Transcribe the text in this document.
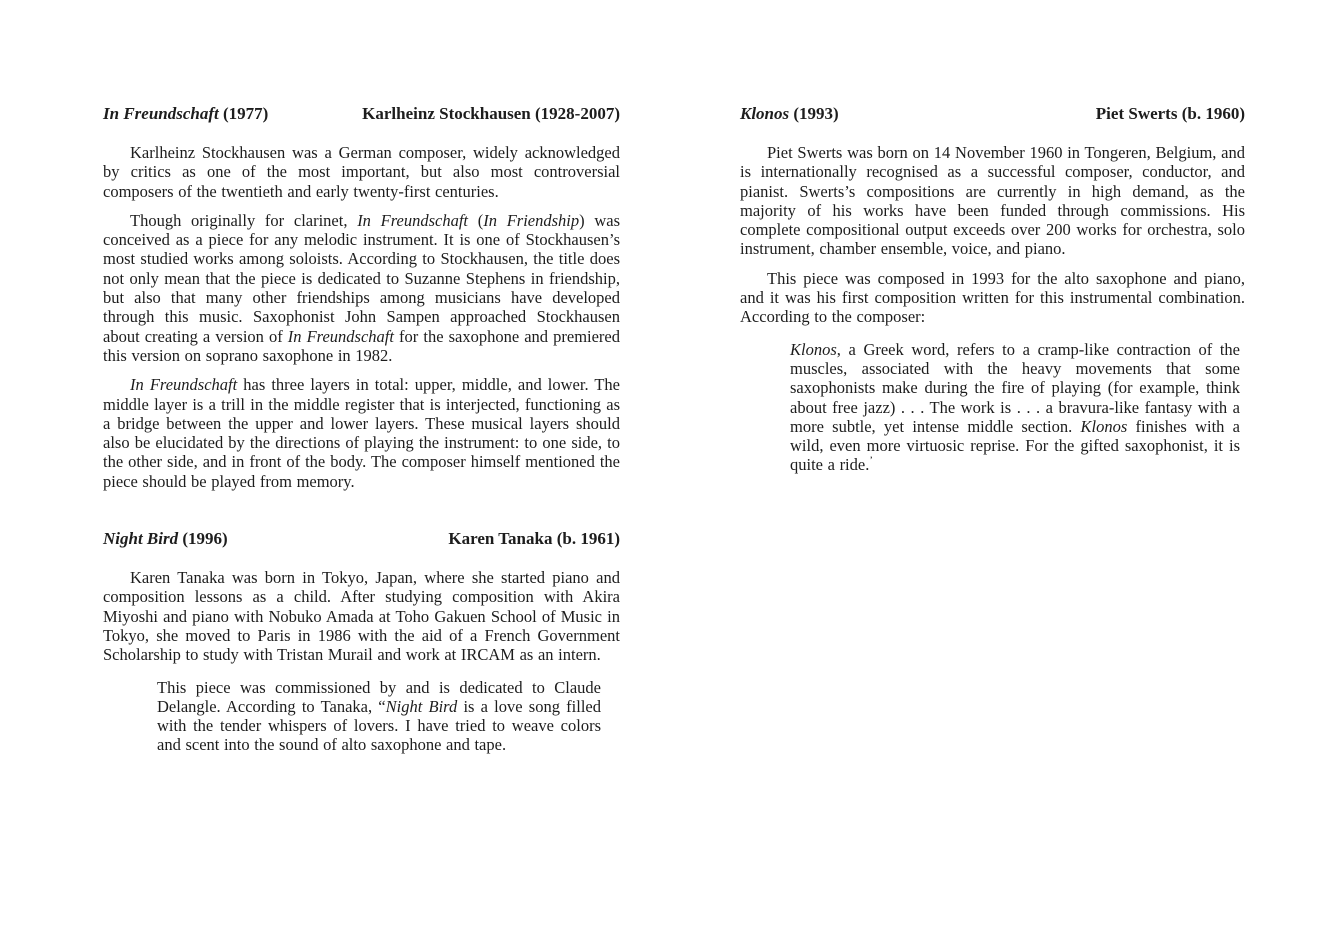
In Freundschaft (1977)	Karlheinz Stockhausen (1928-2007)

Karlheinz Stockhausen was a German composer, widely acknowledged by critics as one of the most important, but also most controversial composers of the twentieth and early twenty-first centuries.

Though originally for clarinet, In Freundschaft (In Friendship) was conceived as a piece for any melodic instrument. It is one of Stockhausen’s most studied works among soloists. According to Stockhausen, the title does not only mean that the piece is dedicated to Suzanne Stephens in friendship, but also that many other friendships among musicians have developed through this music. Saxophonist John Sampen approached Stockhausen about creating a version of In Freundschaft for the saxophone and premiered this version on soprano saxophone in 1982.

In Freundschaft has three layers in total: upper, middle, and lower. The middle layer is a trill in the middle register that is interjected, functioning as a bridge between the upper and lower layers. These musical layers should also be elucidated by the directions of playing the instrument: to one side, to the other side, and in front of the body. The composer himself mentioned the piece should be played from memory.

Night Bird (1996)	Karen Tanaka (b. 1961)

Karen Tanaka was born in Tokyo, Japan, where she started piano and composition lessons as a child. After studying composition with Akira Miyoshi and piano with Nobuko Amada at Toho Gakuen School of Music in Tokyo, she moved to Paris in 1986 with the aid of a French Government Scholarship to study with Tristan Murail and work at IRCAM as an intern.

This piece was commissioned by and is dedicated to Claude Delangle. According to Tanaka, “Night Bird is a love song filled with the tender whispers of lovers. I have tried to weave colors and scent into the sound of alto saxophone and tape.

Klonos (1993)	Piet Swerts (b. 1960)

Piet Swerts was born on 14 November 1960 in Tongeren, Belgium, and is internationally recognised as a successful composer, conductor, and pianist. Swerts’s compositions are currently in high demand, as the majority of his works have been funded through commissions. His complete compositional output exceeds over 200 works for orchestra, solo instrument, chamber ensemble, voice, and piano.

This piece was composed in 1993 for the alto saxophone and piano, and it was his first composition written for this instrumental combination. According to the composer:

Klonos, a Greek word, refers to a cramp-like contraction of the muscles, associated with the heavy movements that some saxophonists make during the fire of playing (for example, think about free jazz) . . . The work is . . . a bravura-like fantasy with a more subtle, yet intense middle section. Klonos finishes with a wild, even more virtuosic reprise. For the gifted saxophonist, it is quite a ride.’
